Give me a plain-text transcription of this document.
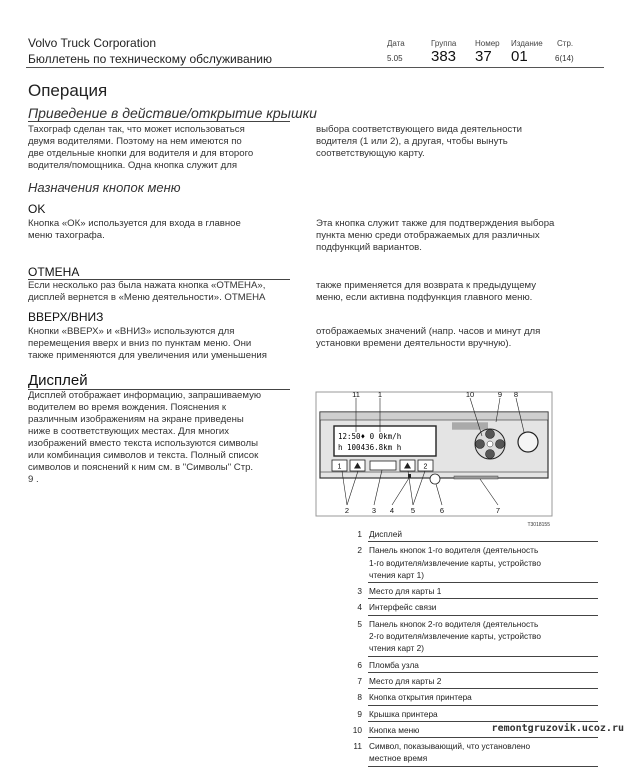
Volvo Truck Corporation
Бюллетень по техническому обслуживанию
Дата
5.05
Группа
383
Номер
37
Издание
01
Стр.
6(14)
Операция
Приведение в действие/открытие крышки
Тахограф сделан так, что может использоваться
двумя водителями. Поэтому на нем имеются по
две отдельные кнопки для водителя и для второго
водителя/помощника. Одна кнопка служит для
выбора соответствующего вида деятельности
водителя (1 или 2), а другая, чтобы вынуть
соответствующую карту.
Назначения кнопок меню
OK
Кнопка «ОК» используется для входа в главное
меню тахографа.
Эта кнопка служит также для подтверждения выбора
пункта меню среди отображаемых для различных
подфункций вариантов.
ОТМЕНА
Если несколько раз была нажата кнопка «ОТМЕНА»,
дисплей вернется в «Меню деятельности». ОТМЕНА
также применяется для возврата к предыдущему
меню, если активна подфункция главного меню.
ВВЕРХ/ВНИЗ
Кнопки «ВВЕРХ» и «ВНИЗ» используются для
перемещения вверх и вниз по пунктам меню. Они
также применяются для увеличения или уменьшения
отображаемых значений (напр. часов и минут для
установки времени деятельности вручную).
Дисплей
Дисплей отображает информацию, запрашиваемую
водителем во время вождения. Пояснения к
различным изображениям на экране приведены
ниже в соответствующих местах. Для многих
изображений вместо текста используются символы
или комбинация символов и текста. Полный список
символов и пояснений к ним см. в "Символы" Стр.
9 .
12:50♦ 0 0km/h
h 100436.8km h
1	2
11 1	10	9 8
2	3 4 5	6	7
T3018155
1 Дисплей
2 Панель кнопок 1-го водителя (деятельность
1-го водителя/извлечение карты, устройство
чтения карт 1)
3 Место для карты 1
4 Интерфейс связи
5 Панель кнопок 2-го водителя (деятельность
2-го водителя/извлечение карты, устройство
чтения карт 2)
6 Пломба узла
7 Место для карты 2
8 Кнопка открытия принтера
9 Крышка принтера
10 Кнопка меню
11 Символ, показывающий, что установлено
местное время
remontgruzovik.ucoz.ru
